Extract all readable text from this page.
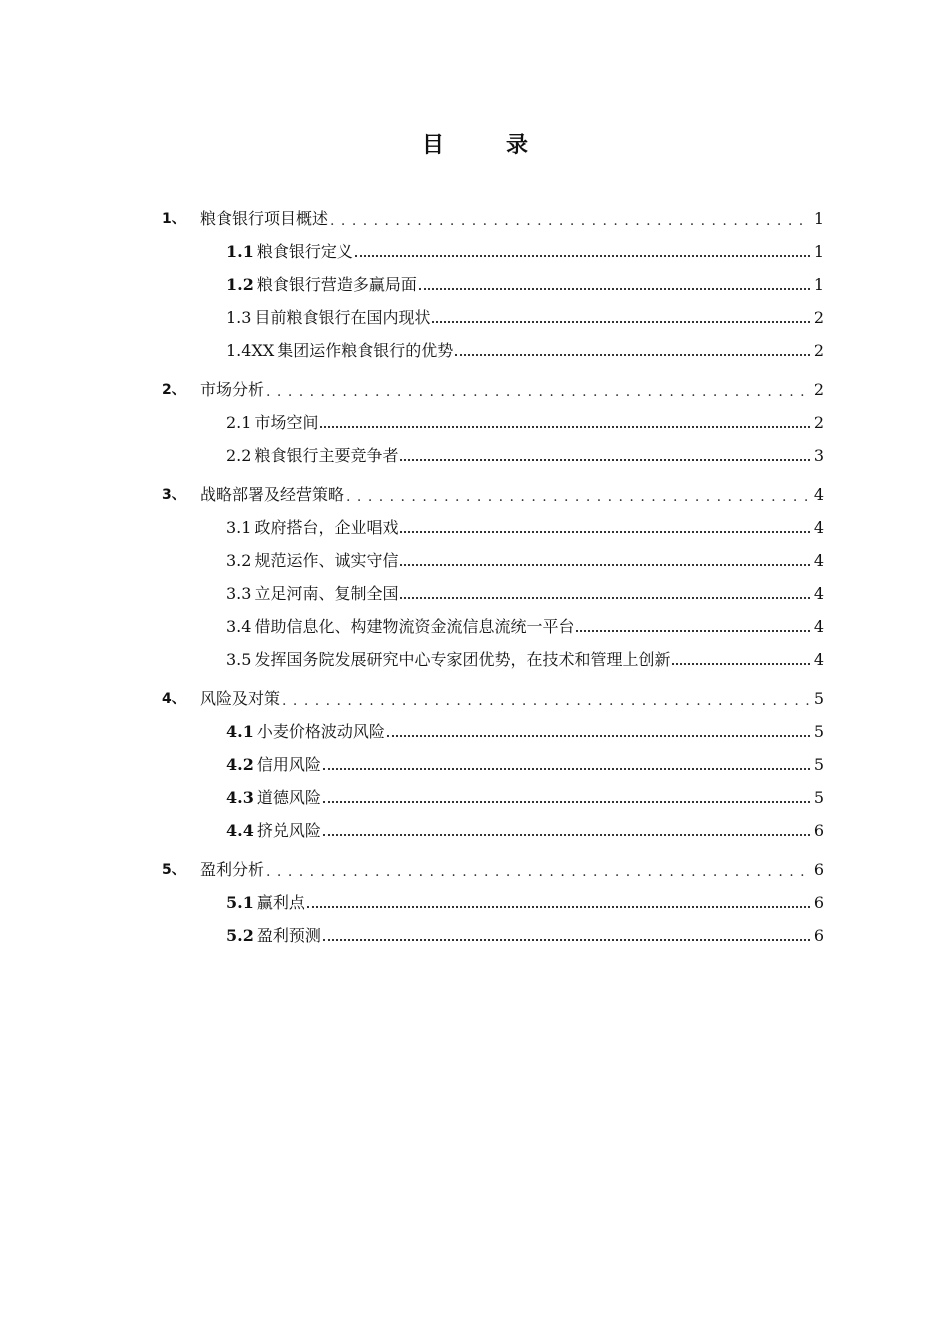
目　录
1、 粮食银行项目概述 . . .	1
1.1 粮食银行定义	1
1.2 粮食银行营造多赢局面	1
1.3 目前粮食银行在国内现状	2
1.4XX 集团运作粮食银行的优势	2
2、 市场分析 . . .	2
2.1 市场空间	2
2.2 粮食银行主要竞争者	3
3、 战略部署及经营策略 . . .	4
3.1 政府搭台，企业唱戏	4
3.2 规范运作、诚实守信	4
3.3 立足河南、复制全国	4
3.4 借助信息化、构建物流资金流信息流统一平台	4
3.5 发挥国务院发展研究中心专家团优势，在技术和管理上创新	4
4、 风险及对策 . . .	5
4.1 小麦价格波动风险	5
4.2 信用风险	5
4.3 道德风险	5
4.4 挤兑风险	6
5、 盈利分析 . . .	6
5.1 赢利点	6
5.2 盈利预测	6
